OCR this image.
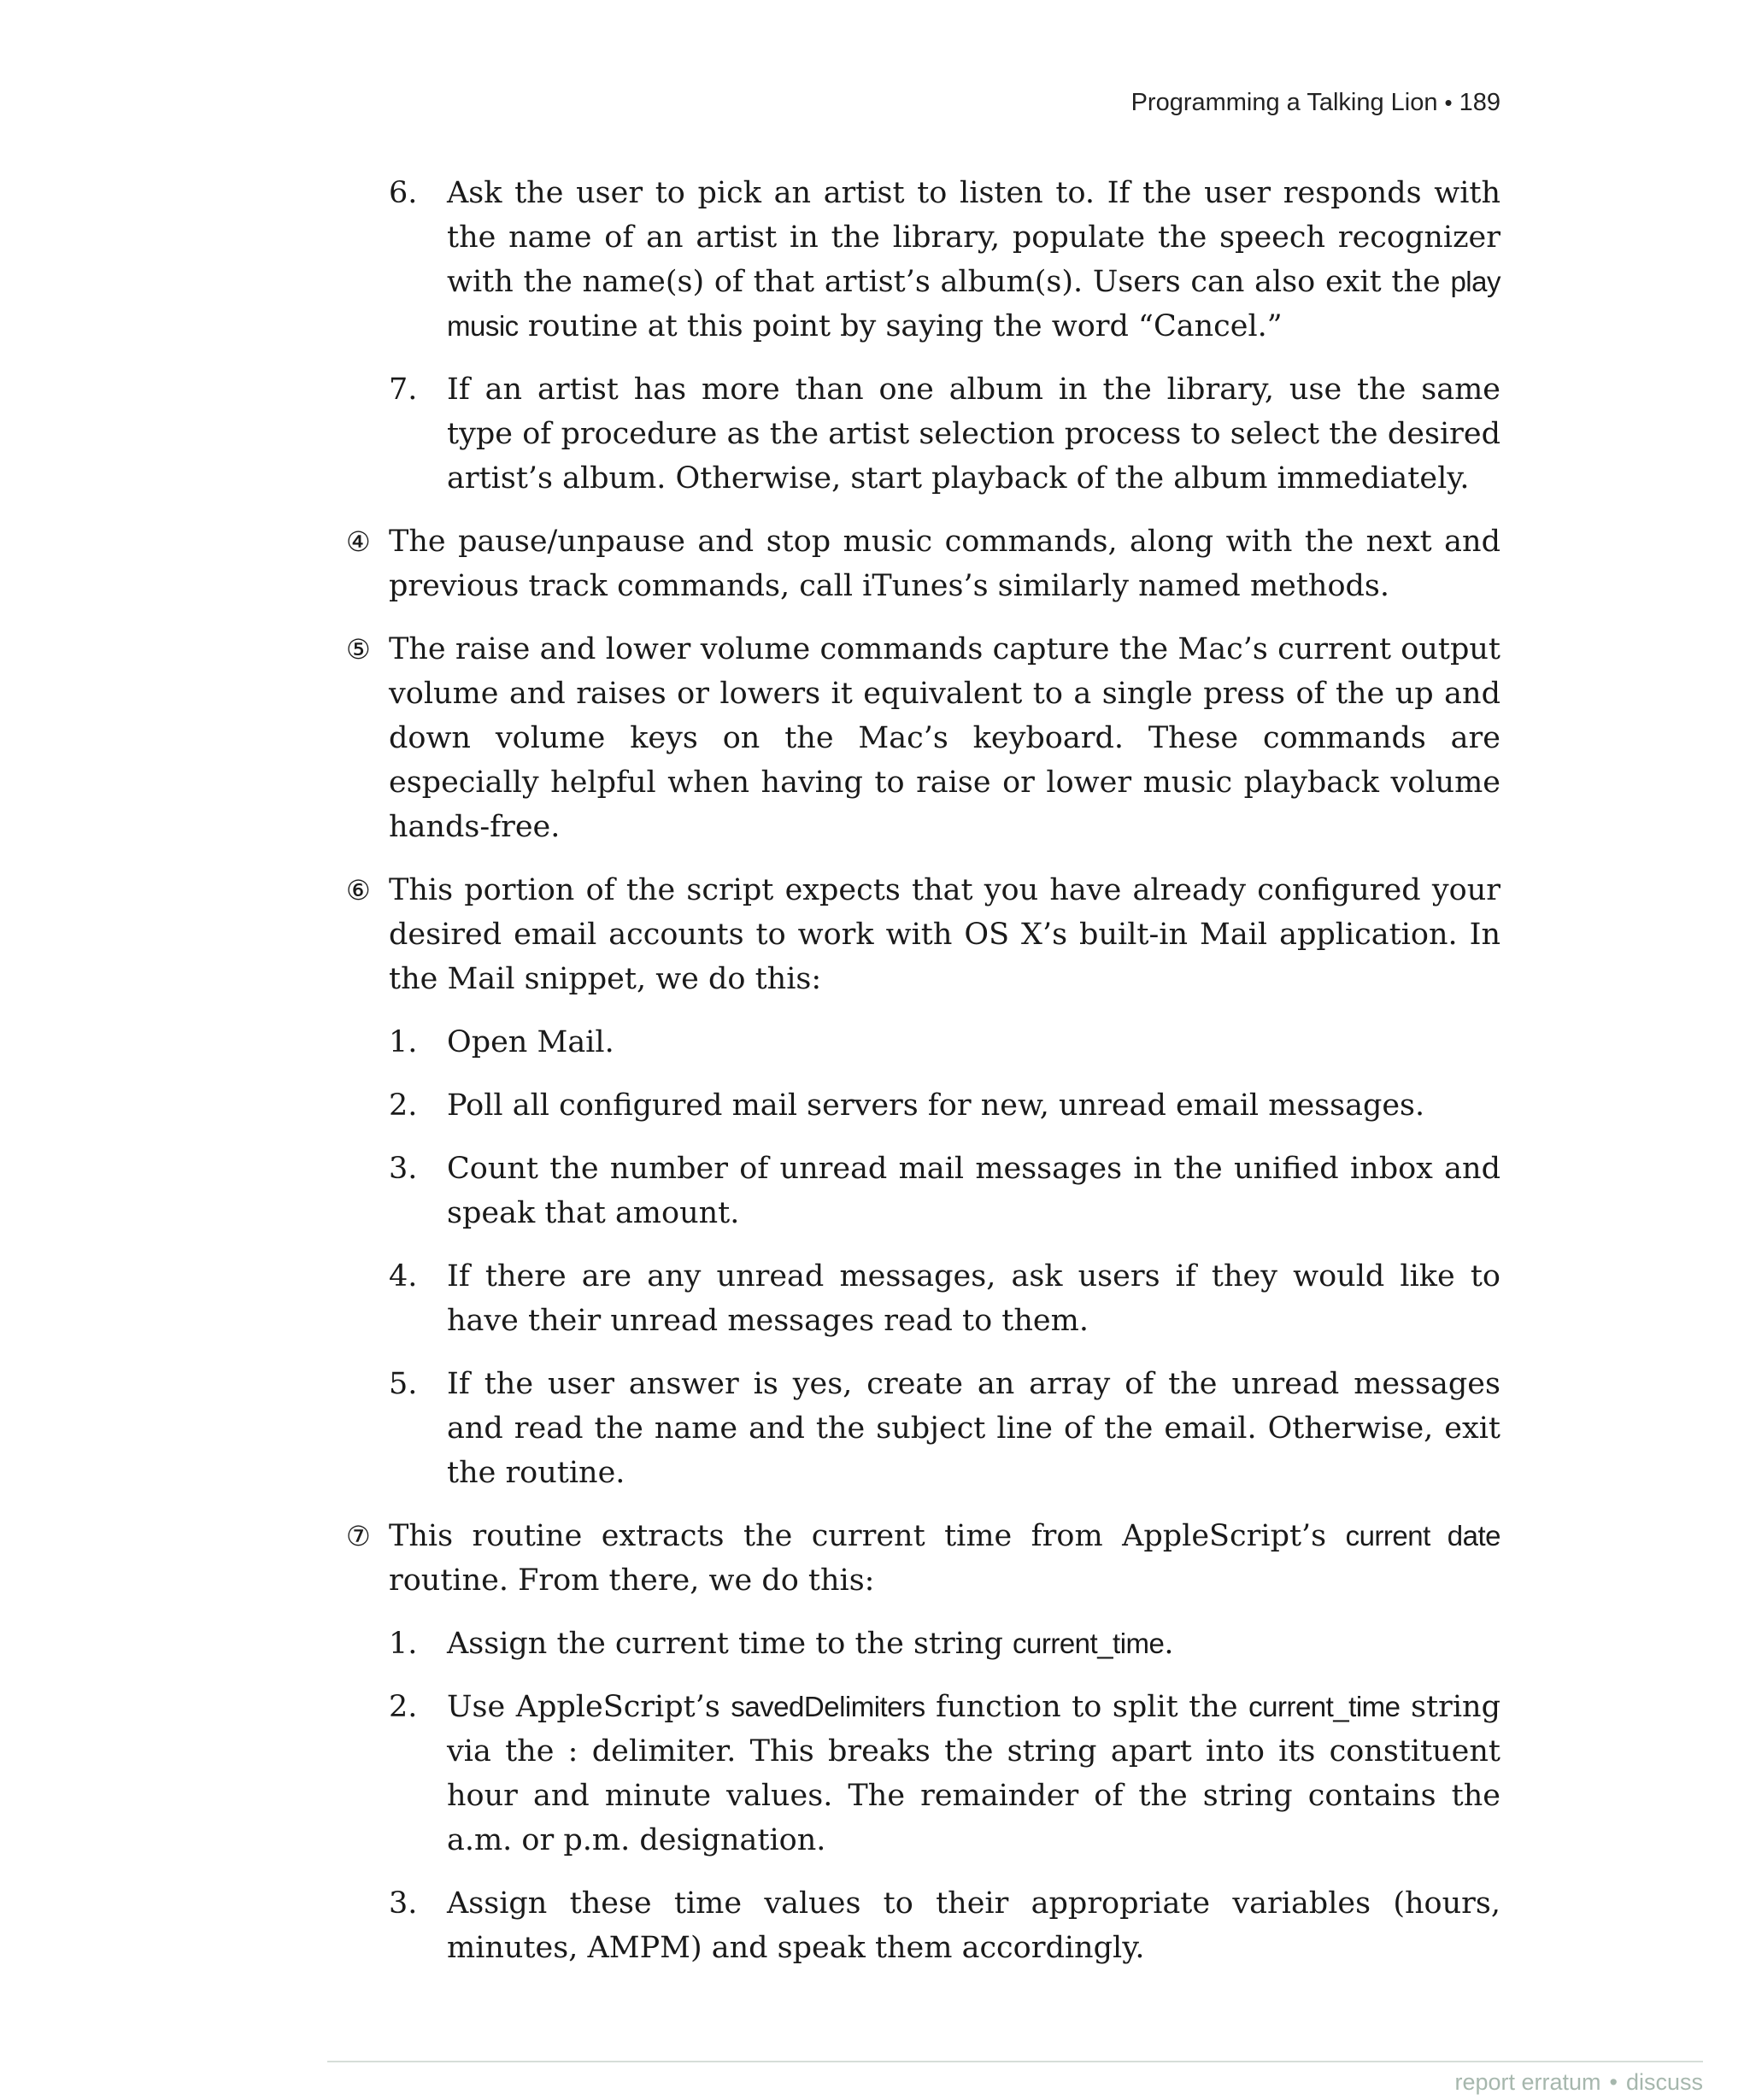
Programming a Talking Lion • 189
6. Ask the user to pick an artist to listen to. If the user responds with the name of an artist in the library, populate the speech recognizer with the name(s) of that artist’s album(s). Users can also exit the play music routine at this point by saying the word “Cancel.”
7. If an artist has more than one album in the library, use the same type of procedure as the artist selection process to select the desired artist’s album. Otherwise, start playback of the album immediately.
④ The pause/unpause and stop music commands, along with the next and previous track commands, call iTunes’s similarly named methods.
⑤ The raise and lower volume commands capture the Mac’s current output volume and raises or lowers it equivalent to a single press of the up and down volume keys on the Mac’s keyboard. These commands are especially helpful when having to raise or lower music playback volume hands-free.
⑥ This portion of the script expects that you have already configured your desired email accounts to work with OS X’s built-in Mail application. In the Mail snippet, we do this:
1. Open Mail.
2. Poll all configured mail servers for new, unread email messages.
3. Count the number of unread mail messages in the unified inbox and speak that amount.
4. If there are any unread messages, ask users if they would like to have their unread messages read to them.
5. If the user answer is yes, create an array of the unread messages and read the name and the subject line of the email. Otherwise, exit the routine.
⑦ This routine extracts the current time from AppleScript’s current date routine. From there, we do this:
1. Assign the current time to the string current_time.
2. Use AppleScript’s savedDelimiters function to split the current_time string via the : delimiter. This breaks the string apart into its constituent hour and minute values. The remainder of the string contains the a.m. or p.m. designation.
3. Assign these time values to their appropriate variables (hours, minutes, AMPM) and speak them accordingly.
report erratum • discuss
